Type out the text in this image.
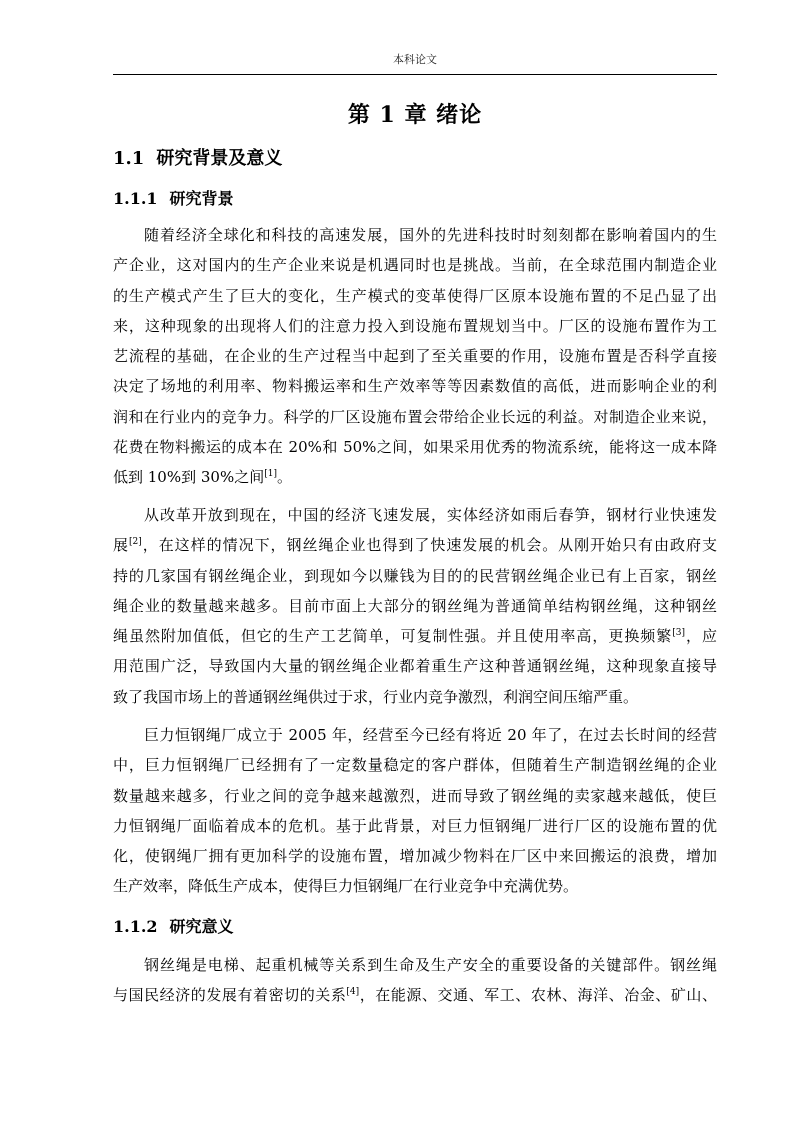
本科论文
第 1 章 绪论
1.1 研究背景及意义
1.1.1 研究背景
随着经济全球化和科技的高速发展，国外的先进科技时时刻刻都在影响着国内的生
产企业，这对国内的生产企业来说是机遇同时也是挑战。当前，在全球范围内制造企业
的生产模式产生了巨大的变化，生产模式的变革使得厂区原本设施布置的不足凸显了出
来，这种现象的出现将人们的注意力投入到设施布置规划当中。厂区的设施布置作为工
艺流程的基础，在企业的生产过程当中起到了至关重要的作用，设施布置是否科学直接
决定了场地的利用率、物料搬运率和生产效率等等因素数值的高低，进而影响企业的利
润和在行业内的竞争力。科学的厂区设施布置会带给企业长远的利益。对制造企业来说，
花费在物料搬运的成本在 20%和 50%之间，如果采用优秀的物流系统，能将这一成本降
低到 10%到 30%之间[1]。
从改革开放到现在，中国的经济飞速发展，实体经济如雨后春笋，钢材行业快速发
展[2]，在这样的情况下，钢丝绳企业也得到了快速发展的机会。从刚开始只有由政府支
持的几家国有钢丝绳企业，到现如今以赚钱为目的的民营钢丝绳企业已有上百家，钢丝
绳企业的数量越来越多。目前市面上大部分的钢丝绳为普通简单结构钢丝绳，这种钢丝
绳虽然附加值低，但它的生产工艺简单，可复制性强。并且使用率高，更换频繁[3]，应
用范围广泛，导致国内大量的钢丝绳企业都着重生产这种普通钢丝绳，这种现象直接导
致了我国市场上的普通钢丝绳供过于求，行业内竞争激烈，利润空间压缩严重。
巨力恒钢绳厂成立于 2005 年，经营至今已经有将近 20 年了，在过去长时间的经营
中，巨力恒钢绳厂已经拥有了一定数量稳定的客户群体，但随着生产制造钢丝绳的企业
数量越来越多，行业之间的竞争越来越激烈，进而导致了钢丝绳的卖家越来越低，使巨
力恒钢绳厂面临着成本的危机。基于此背景，对巨力恒钢绳厂进行厂区的设施布置的优
化，使钢绳厂拥有更加科学的设施布置，增加减少物料在厂区中来回搬运的浪费，增加
生产效率，降低生产成本，使得巨力恒钢绳厂在行业竞争中充满优势。
1.1.2 研究意义
钢丝绳是电梯、起重机械等关系到生命及生产安全的重要设备的关键部件。钢丝绳
与国民经济的发展有着密切的关系[4]，在能源、交通、军工、农林、海洋、冶金、矿山、
